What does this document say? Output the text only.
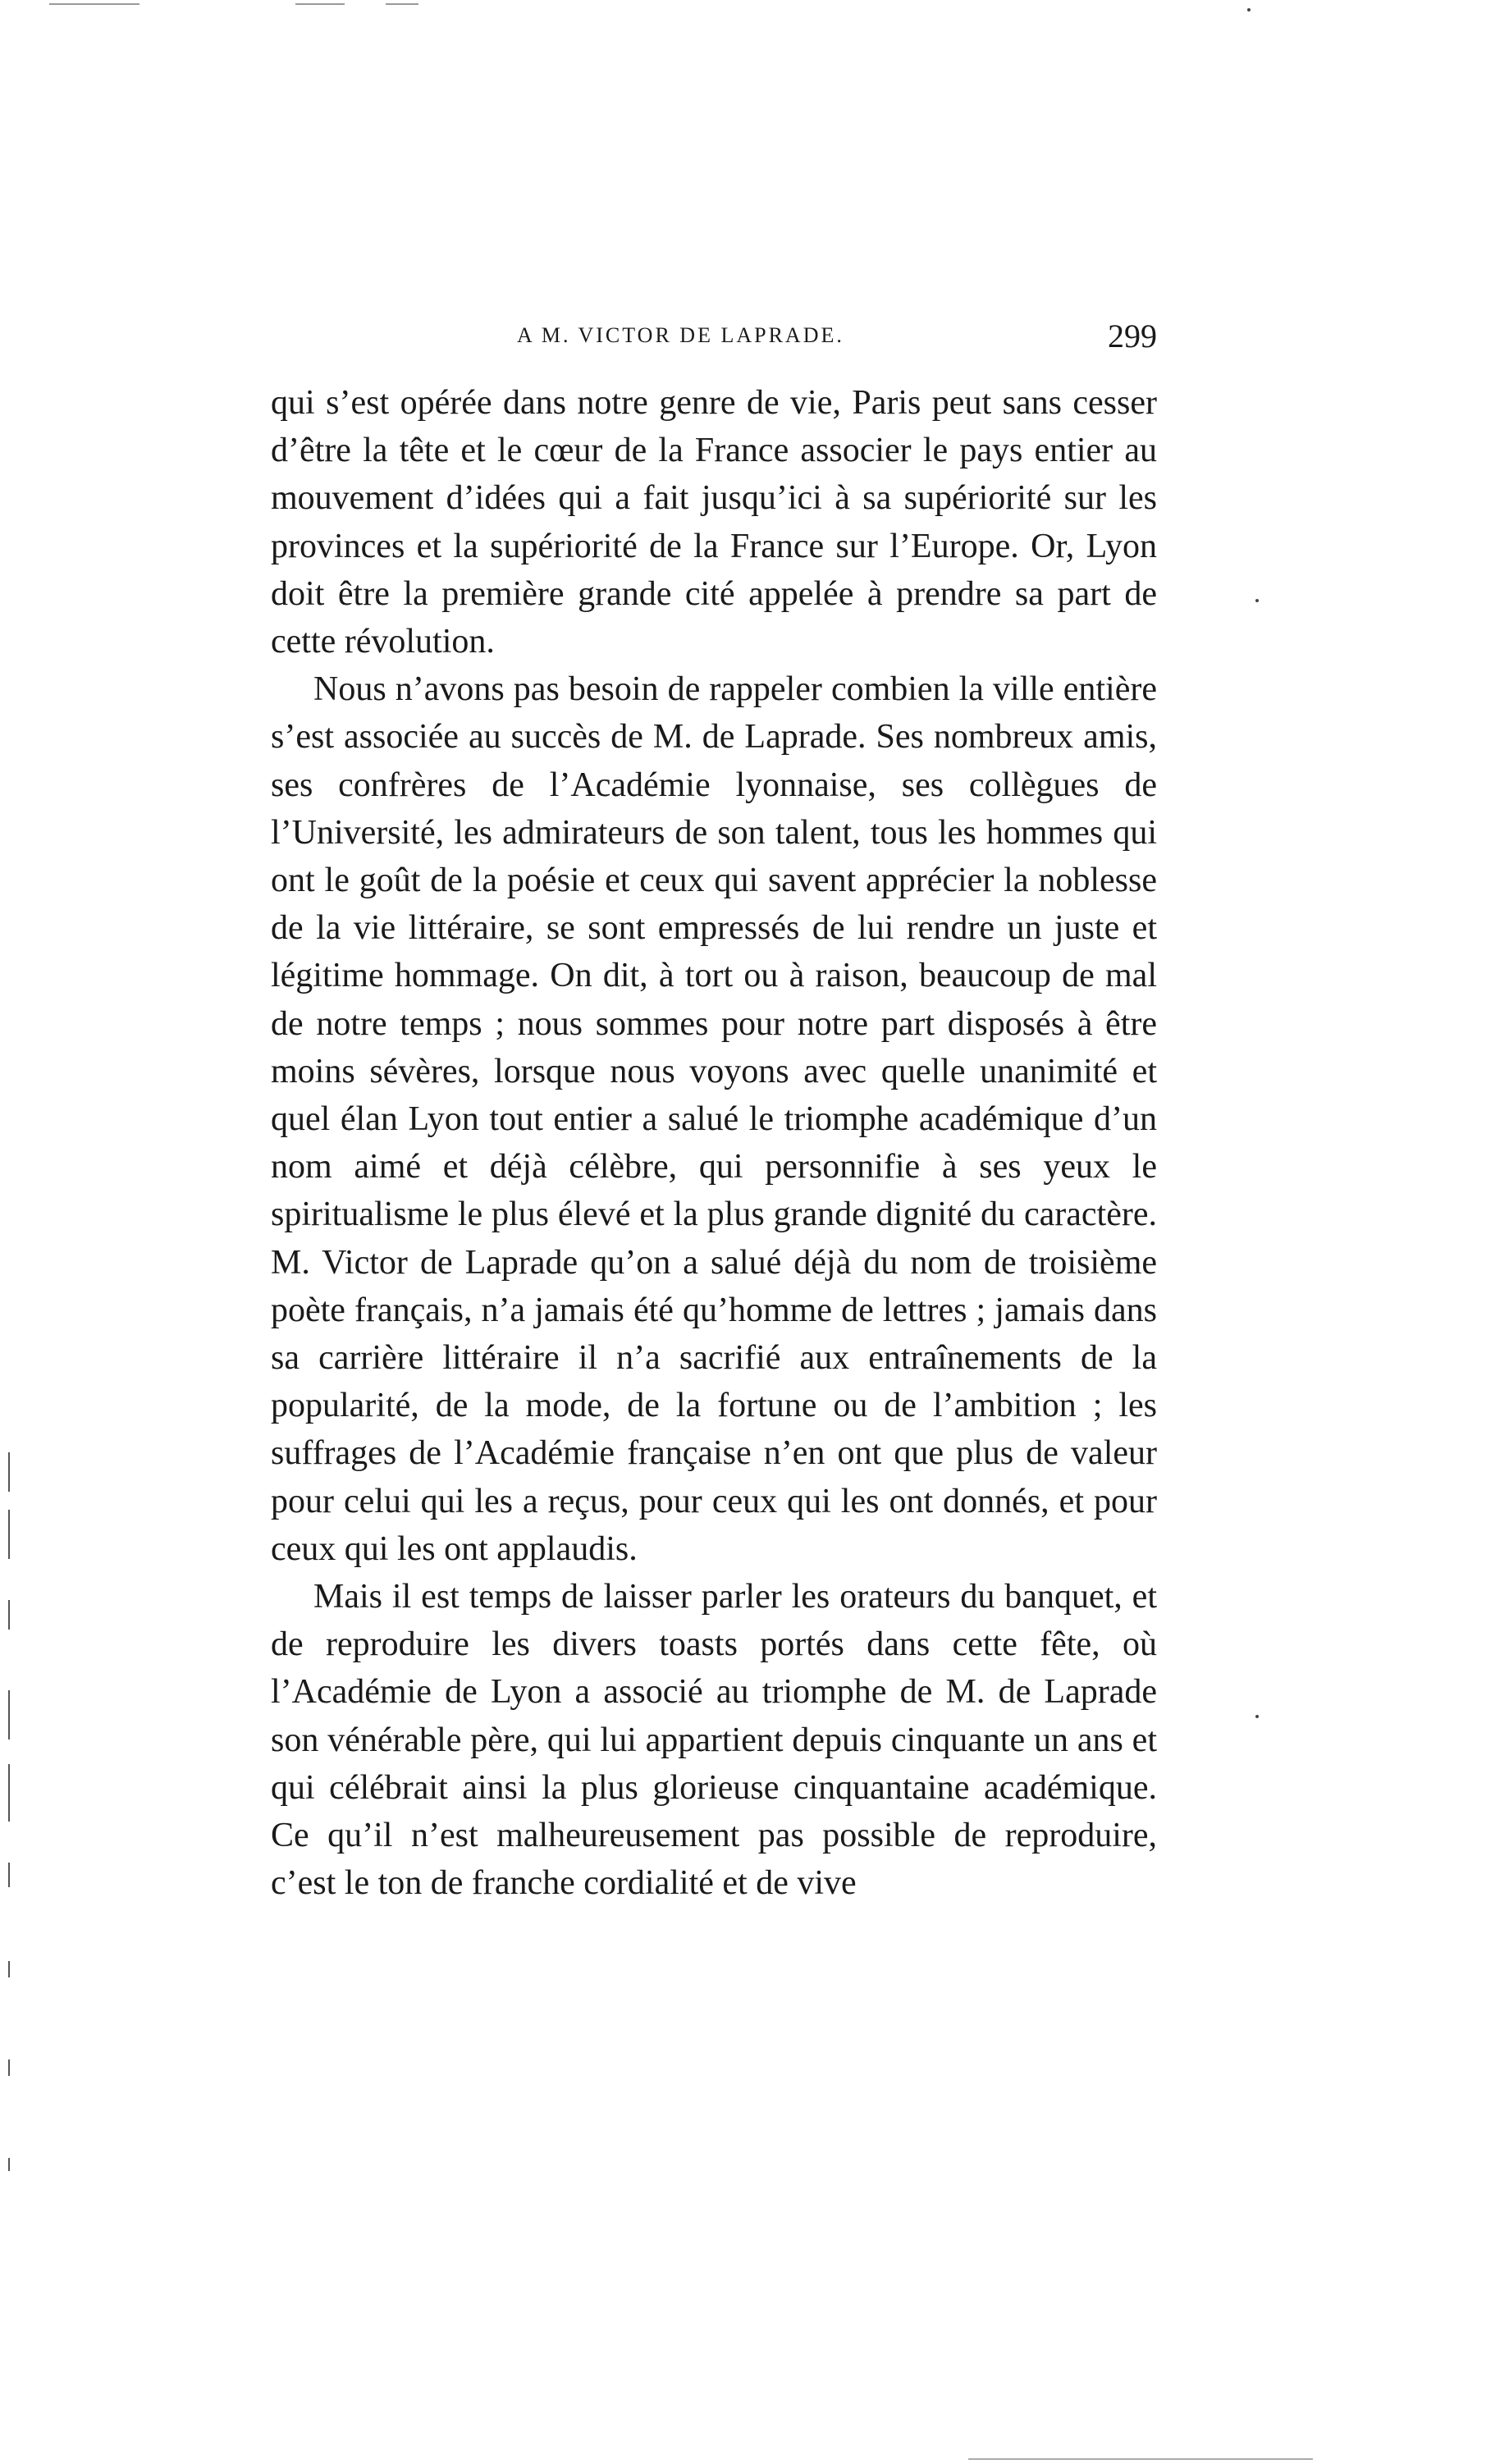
A M. VICTOR DE LAPRADE.	299

qui s’est opérée dans notre genre de vie, Paris peut sans cesser d’être la tête et le cœur de la France associer le pays entier au mouvement d’idées qui a fait jusqu’ici à sa supériorité sur les provinces et la supériorité de la France sur l’Europe. Or, Lyon doit être la première grande cité appelée à prendre sa part de cette révolution.

Nous n’avons pas besoin de rappeler combien la ville entière s’est associée au succès de M. de Laprade. Ses nombreux amis, ses confrères de l’Académie lyonnaise, ses collègues de l’Université, les admirateurs de son talent, tous les hommes qui ont le goût de la poésie et ceux qui savent apprécier la noblesse de la vie littéraire, se sont empressés de lui rendre un juste et légitime hommage. On dit, à tort ou à raison, beaucoup de mal de notre temps ; nous sommes pour notre part disposés à être moins sévères, lorsque nous voyons avec quelle unanimité et quel élan Lyon tout entier a salué le triomphe académique d’un nom aimé et déjà célèbre, qui personnifie à ses yeux le spiritualisme le plus élevé et la plus grande dignité du caractère. M. Victor de Laprade qu’on a salué déjà du nom de troisième poète français, n’a jamais été qu’homme de lettres ; jamais dans sa carrière littéraire il n’a sacrifié aux entraînements de la popularité, de la mode, de la fortune ou de l’ambition ; les suffrages de l’Académie française n’en ont que plus de valeur pour celui qui les a reçus, pour ceux qui les ont donnés, et pour ceux qui les ont applaudis.

Mais il est temps de laisser parler les orateurs du banquet, et de reproduire les divers toasts portés dans cette fête, où l’Académie de Lyon a associé au triomphe de M. de Laprade son vénérable père, qui lui appartient depuis cinquante un ans et qui célébrait ainsi la plus glorieuse cinquantaine académique. Ce qu’il n’est malheureusement pas possible de reproduire, c’est le ton de franche cordialité et de vive
